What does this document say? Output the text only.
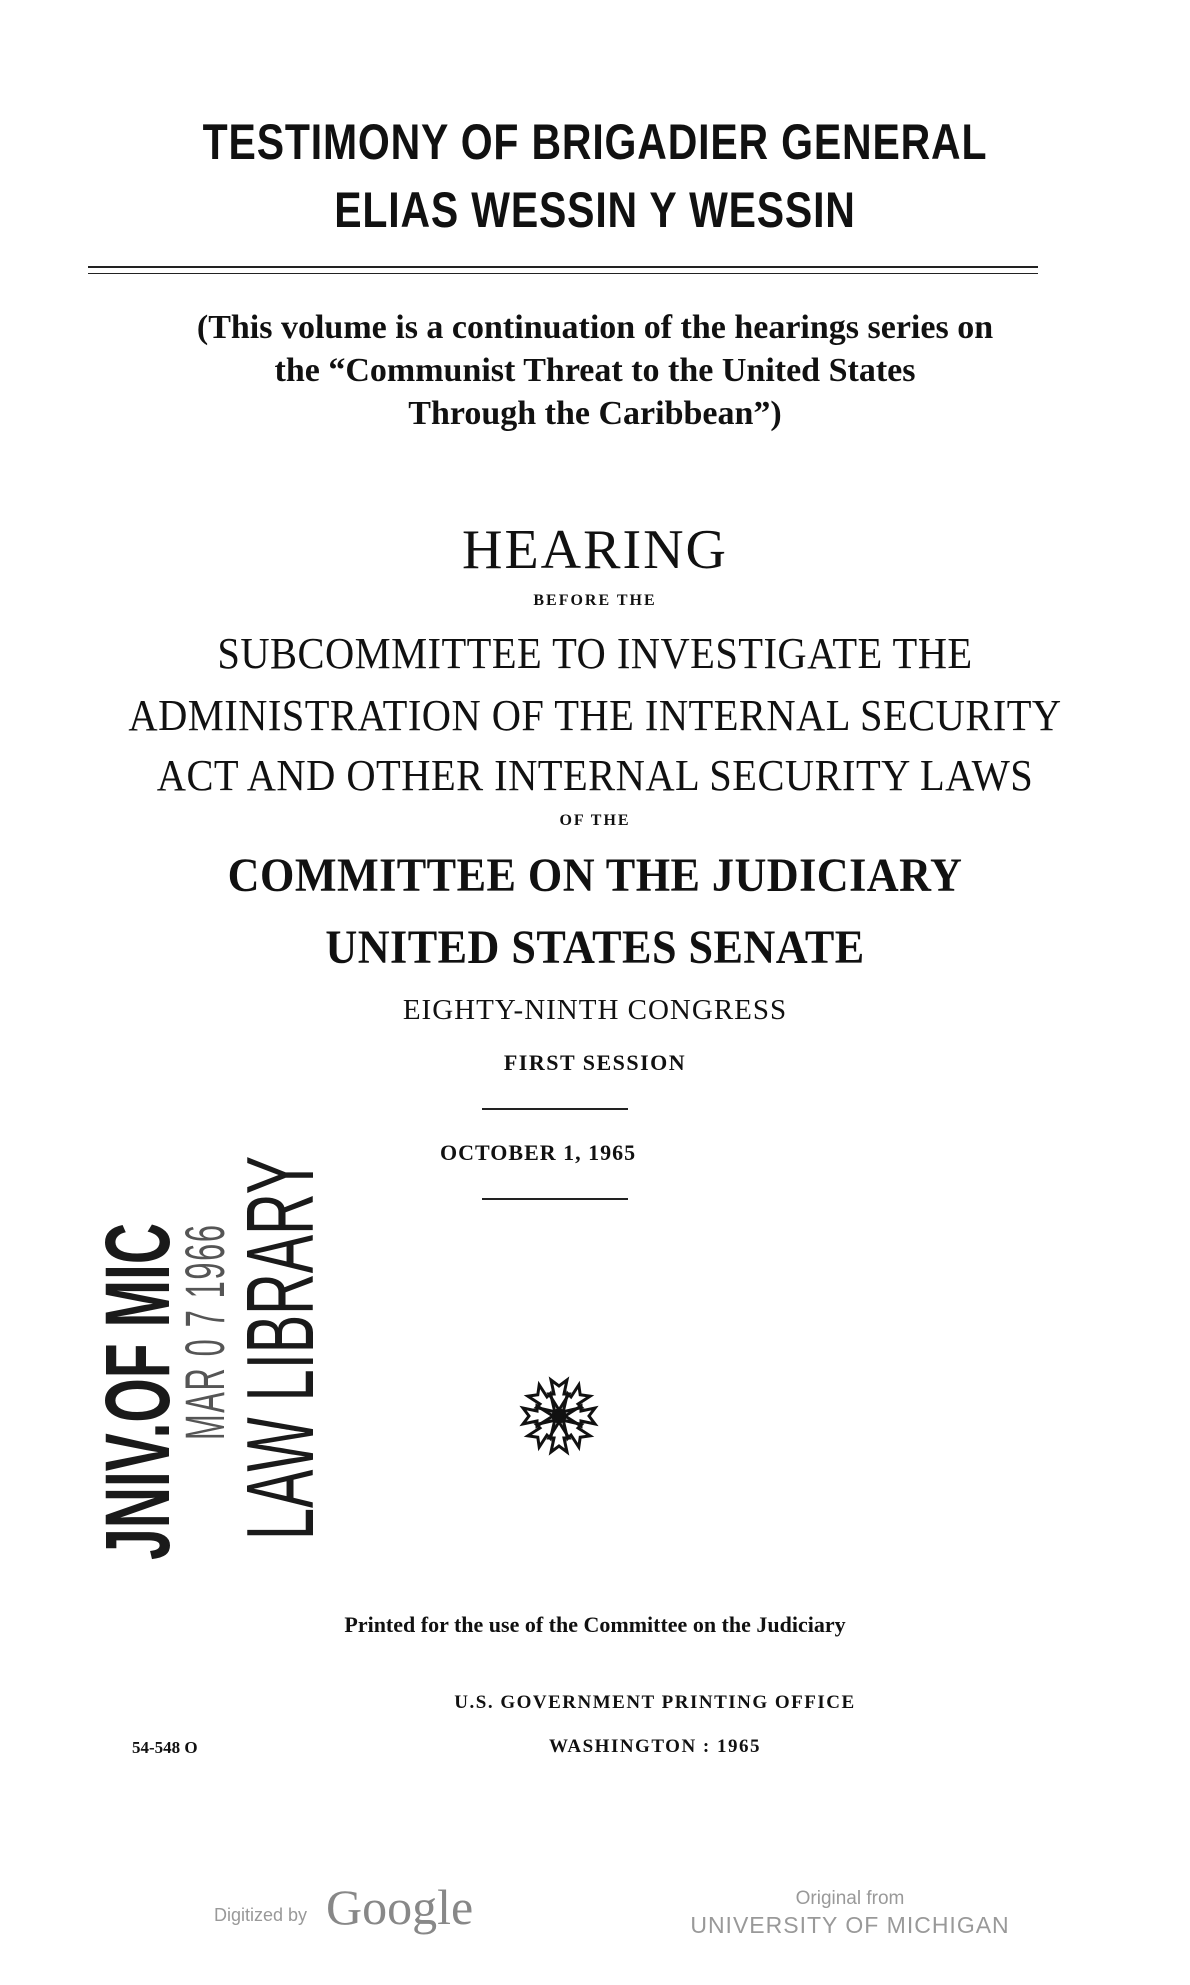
TESTIMONY OF BRIGADIER GENERAL
ELIAS WESSIN Y WESSIN
(This volume is a continuation of the hearings series on
the “Communist Threat to the United States
Through the Caribbean”)
HEARING
BEFORE THE
SUBCOMMITTEE TO INVESTIGATE THE
ADMINISTRATION OF THE INTERNAL SECURITY
ACT AND OTHER INTERNAL SECURITY LAWS
OF THE
COMMITTEE ON THE JUDICIARY
UNITED STATES SENATE
EIGHTY-NINTH CONGRESS
FIRST SESSION
OCTOBER 1, 1965
JNIV.OF MIC
MAR 0 7 1966
LAW LIBRARY
Printed for the use of the Committee on the Judiciary
U.S. GOVERNMENT PRINTING OFFICE
WASHINGTON : 1965
54-548 O
Digitized by Google	Original from
UNIVERSITY OF MICHIGAN
